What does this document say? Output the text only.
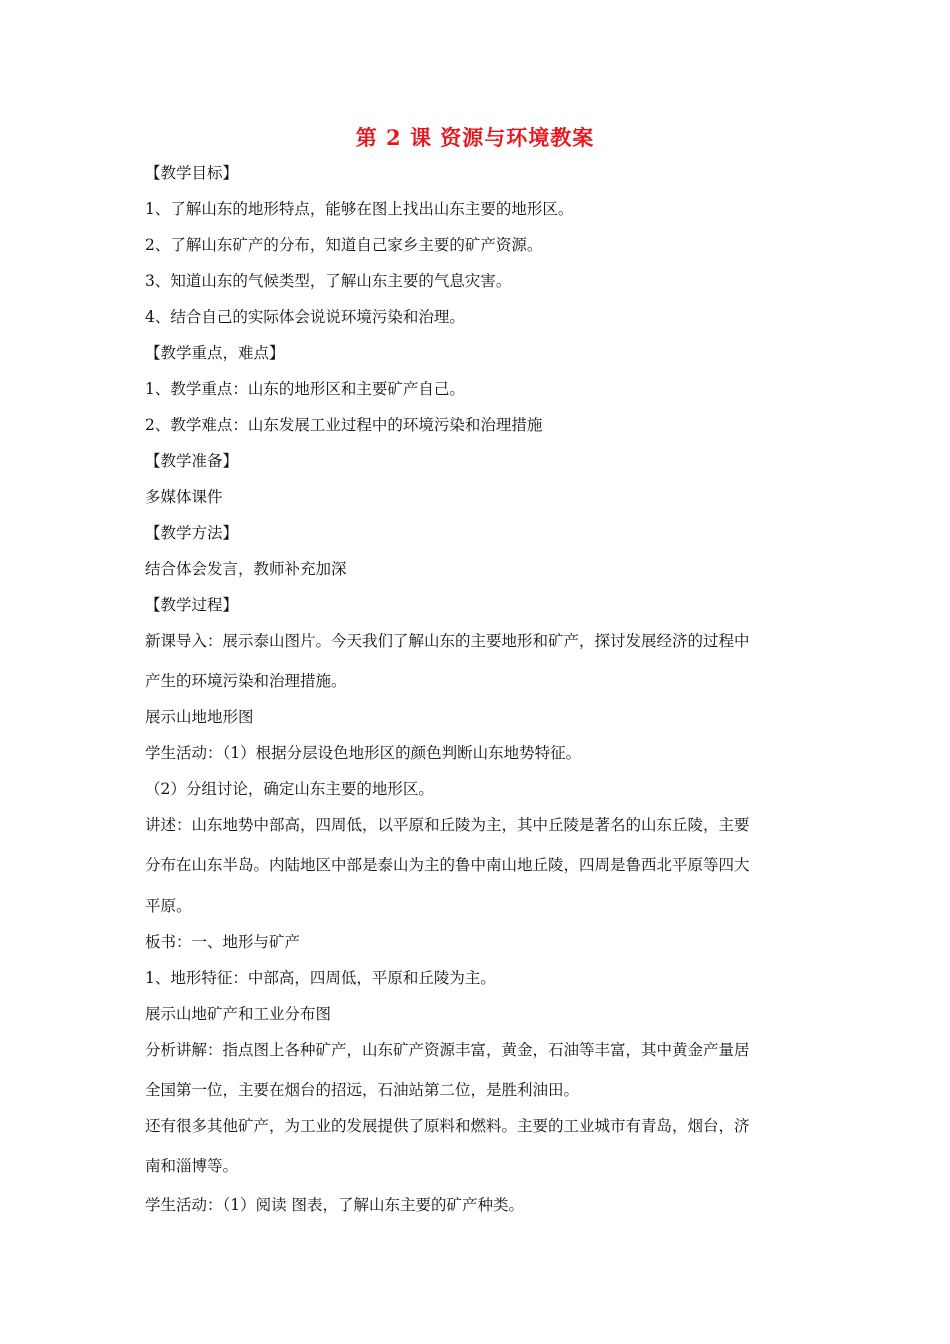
第 2 课 资源与环境教案
【教学目标】
1、了解山东的地形特点，能够在图上找出山东主要的地形区。
2、了解山东矿产的分布，知道自己家乡主要的矿产资源。
3、知道山东的气候类型，了解山东主要的气息灾害。
4、结合自己的实际体会说说环境污染和治理。
【教学重点，难点】
1、教学重点：山东的地形区和主要矿产自己。
2、教学难点：山东发展工业过程中的环境污染和治理措施
【教学准备】
多媒体课件
【教学方法】
结合体会发言，教师补充加深
【教学过程】
新课导入：展示泰山图片。今天我们了解山东的主要地形和矿产，探讨发展经济的过程中
产生的环境污染和治理措施。
展示山地地形图
学生活动：（1）根据分层设色地形区的颜色判断山东地势特征。
（2）分组讨论，确定山东主要的地形区。
讲述：山东地势中部高，四周低，以平原和丘陵为主，其中丘陵是著名的山东丘陵，主要
分布在山东半岛。内陆地区中部是泰山为主的鲁中南山地丘陵，四周是鲁西北平原等四大
平原。
板书：一、地形与矿产
1、地形特征：中部高，四周低，平原和丘陵为主。
展示山地矿产和工业分布图
分析讲解：指点图上各种矿产，山东矿产资源丰富，黄金，石油等丰富，其中黄金产量居
全国第一位，主要在烟台的招远，石油站第二位，是胜利油田。
还有很多其他矿产，为工业的发展提供了原料和燃料。主要的工业城市有青岛，烟台，济
南和淄博等。
学生活动：（1）阅读 图表，了解山东主要的矿产种类。
